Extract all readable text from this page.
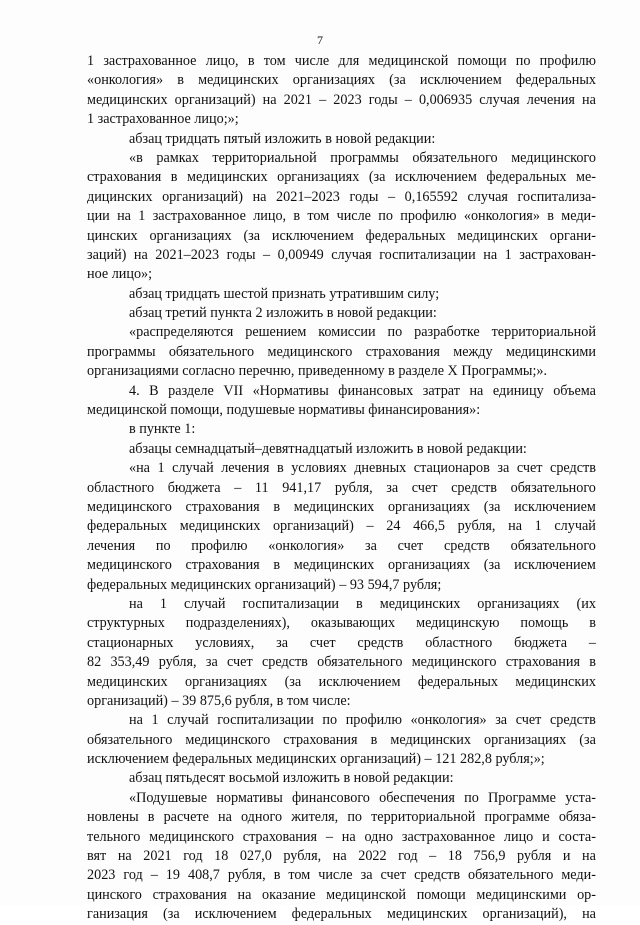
7
1 застрахованное лицо, в том числе для медицинской помощи по профилю
«онкология» в медицинских организациях (за исключением федеральных
медицинских организаций) на 2021 – 2023 годы – 0,006935 случая лечения на
1 застрахованное лицо;»;
абзац тридцать пятый изложить в новой редакции:
«в рамках территориальной программы обязательного медицинского
страхования в медицинских организациях (за исключением федеральных ме-
дицинских организаций) на 2021–2023 годы – 0,165592 случая госпитализа-
ции на 1 застрахованное лицо, в том числе по профилю «онкология» в меди-
цинских организациях (за исключением федеральных медицинских органи-
заций) на 2021–2023 годы – 0,00949 случая госпитализации на 1 застрахован-
ное лицо»;
абзац тридцать шестой признать утратившим силу;
абзац третий пункта 2 изложить в новой редакции:
«распределяются решением комиссии по разработке территориальной
программы обязательного медицинского страхования между медицинскими
организациями согласно перечню, приведенному в разделе X Программы;».
4. В разделе VII «Нормативы финансовых затрат на единицу объема
медицинской помощи, подушевые нормативы финансирования»:
в пункте 1:
абзацы семнадцатый–девятнадцатый изложить в новой редакции:
«на 1 случай лечения в условиях дневных стационаров за счет средств
областного бюджета – 11 941,17 рубля, за счет средств обязательного
медицинского страхования в медицинских организациях (за исключением
федеральных медицинских организаций) – 24 466,5 рубля, на 1 случай
лечения по профилю «онкология» за счет средств обязательного
медицинского страхования в медицинских организациях (за исключением
федеральных медицинских организаций) – 93 594,7 рубля;
на 1 случай госпитализации в медицинских организациях (их
структурных подразделениях), оказывающих медицинскую помощь в
стационарных условиях, за счет средств областного бюджета –
82 353,49 рубля, за счет средств обязательного медицинского страхования в
медицинских организациях (за исключением федеральных медицинских
организаций) – 39 875,6 рубля, в том числе:
на 1 случай госпитализации по профилю «онкология» за счет средств
обязательного медицинского страхования в медицинских организациях (за
исключением федеральных медицинских организаций) – 121 282,8 рубля;»;
абзац пятьдесят восьмой изложить в новой редакции:
«Подушевые нормативы финансового обеспечения по Программе уста-
новлены в расчете на одного жителя, по территориальной программе обяза-
тельного медицинского страхования – на одно застрахованное лицо и соста-
вят на 2021 год 18 027,0 рубля, на 2022 год – 18 756,9 рубля и на
2023 год – 19 408,7 рубля, в том числе за счет средств обязательного меди-
цинского страхования на оказание медицинской помощи медицинскими ор-
ганизация (за исключением федеральных медицинских организаций), на
